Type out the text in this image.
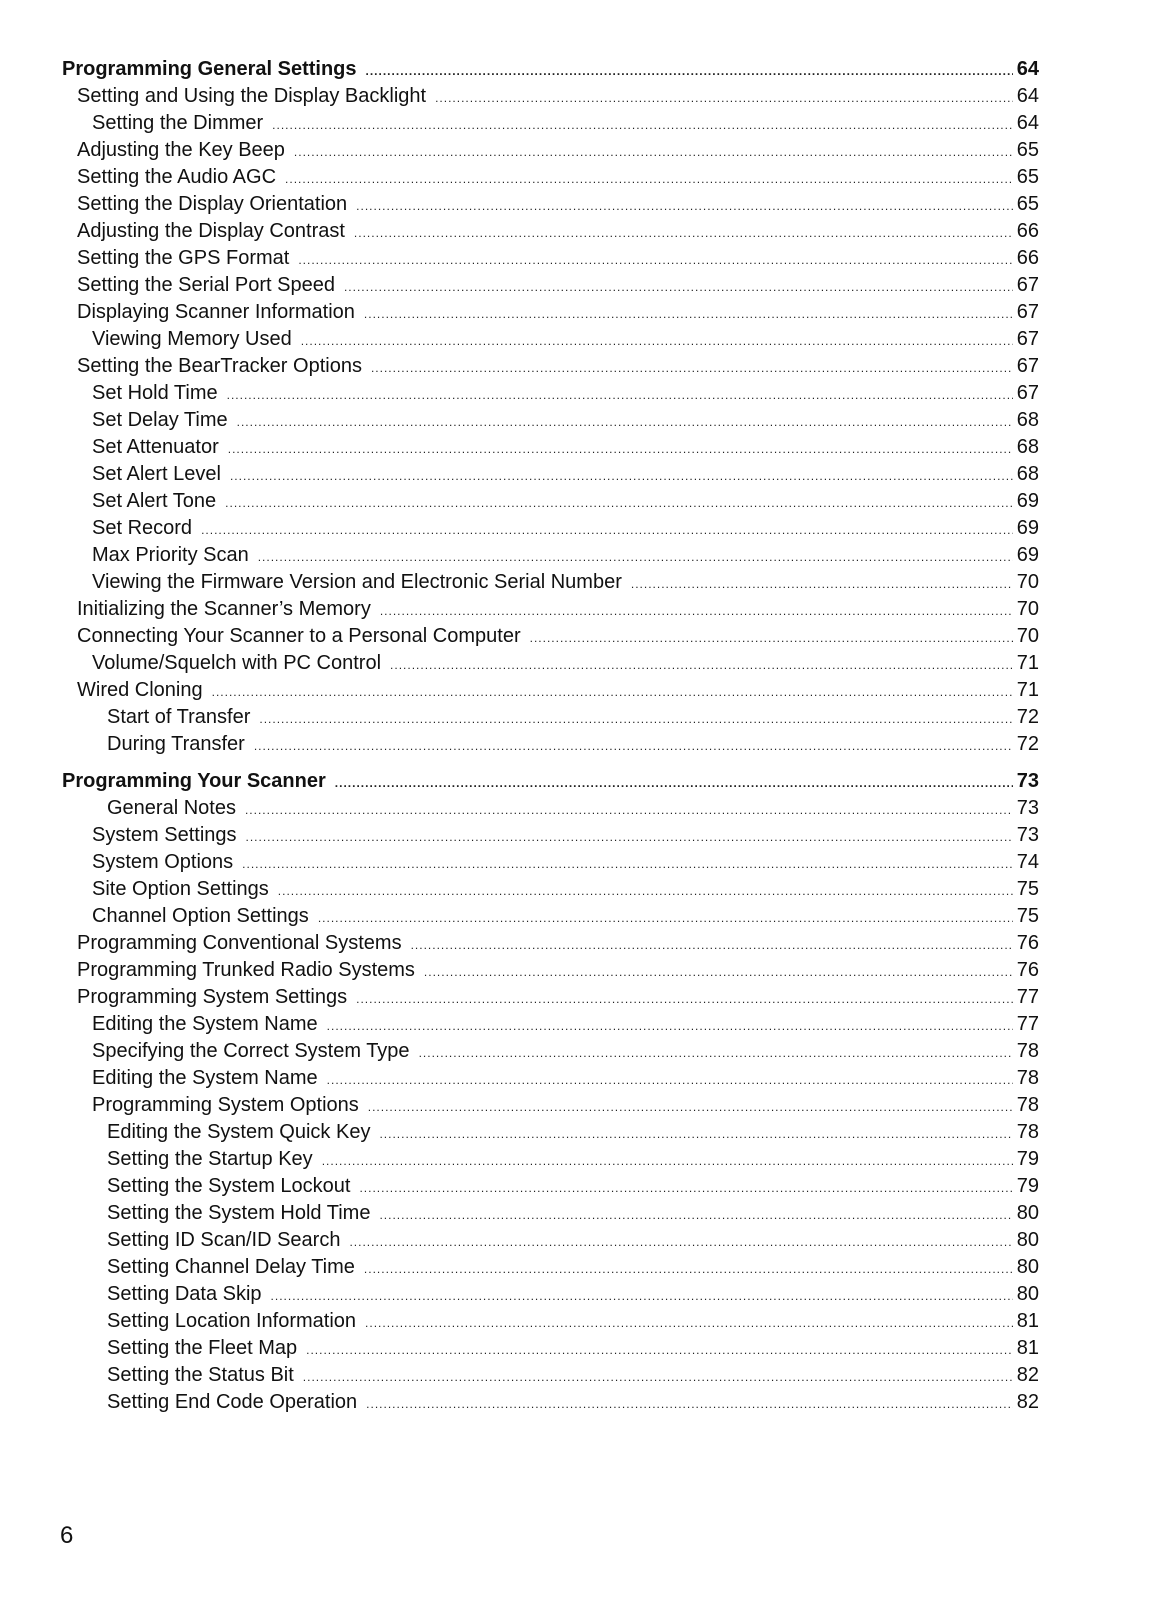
Programming General Settings .....	64
Setting and Using the Display Backlight .....	64
Setting the Dimmer .....	64
Adjusting the Key Beep .....	65
Setting the Audio AGC .....	65
Setting the Display Orientation .....	65
Adjusting the Display Contrast .....	66
Setting the GPS Format .....	66
Setting the Serial Port Speed .....	67
Displaying Scanner Information .....	67
Viewing Memory Used .....	67
Setting the BearTracker Options .....	67
Set Hold Time .....	67
Set Delay Time .....	68
Set Attenuator .....	68
Set Alert Level .....	68
Set Alert Tone .....	69
Set Record .....	69
Max Priority Scan .....	69
Viewing the Firmware Version and Electronic Serial Number .....	70
Initializing the Scanner’s Memory .....	70
Connecting Your Scanner to a Personal Computer .....	70
Volume/Squelch with PC Control .....	71
Wired Cloning .....	71
Start of Transfer .....	72
During Transfer .....	72
Programming Your Scanner .....	73
General Notes .....	73
System Settings .....	73
System Options .....	74
Site Option Settings .....	75
Channel Option Settings .....	75
Programming Conventional Systems .....	76
Programming Trunked Radio Systems .....	76
Programming System Settings .....	77
Editing the System Name .....	77
Specifying the Correct System Type .....	78
Editing the System Name .....	78
Programming System Options .....	78
Editing the System Quick Key .....	78
Setting the Startup Key .....	79
Setting the System Lockout .....	79
Setting the System Hold Time .....	80
Setting ID Scan/ID Search .....	80
Setting Channel Delay Time .....	80
Setting Data Skip .....	80
Setting Location Information .....	81
Setting the Fleet Map .....	81
Setting the Status Bit .....	82
Setting End Code Operation .....	82
6
